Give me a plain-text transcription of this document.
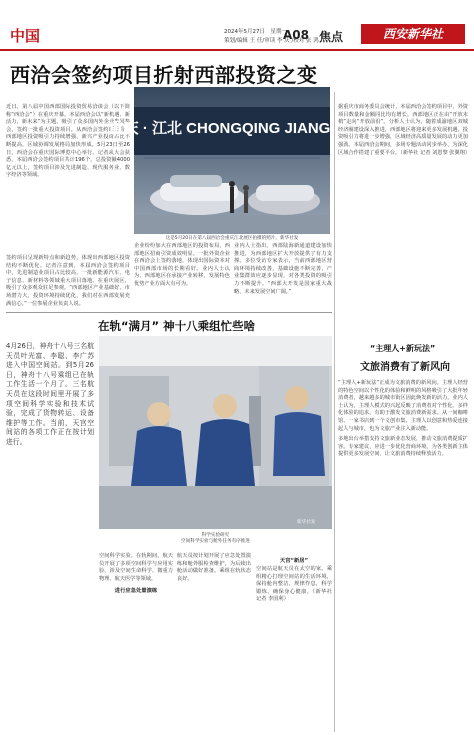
中国	2024年5月27日　星期一
策划/编辑 王 任/审读 李 庆 /校对 张 鸿
A08 焦点	西安新华社
西洽会签约项目折射西部投资之变
近日，第八届中国西部国际投资贸易洽谈会（以下简称“西洽会”）在重庆开幕。本届西洽会以“新机遇、新活力、新未来”为主题，吸引了众多国内外企业参展参会，签约一批重大投资项目。从西洽会签约项目看，西部地区投资吸引力持续增强，新兴产业投资占比不断提高，区域协调发展格局加快形成。5月23日至26日，西洽会在重庆国际博览中心举行。记者从大会获悉，本届西洽会签约项目共计196个，总投资额4000亿元以上，签约项目涉及先进制造、现代服务业、数字经济等领域。
签约项目呈现新特点和新趋势，体现出西部地区投资结构不断优化。记者注意到，本届西洽会签约项目中，先进制造业项目占比较高，一批新能源汽车、电子信息、新材料等领域重大项目落地。在重庆展区，吸引了众多观众驻足参观。“西部地区产业基础好、市场潜力大，投资环境持续优化，我们对在西部发展充满信心。”一位参展企业负责人说。
重庆 · 江北 CHONGQING JIANGBEI
这是5月20日在第八届西洽会重庆江北展区拍摄的照片。新华社发
企业纷纷加大在西部地区的投资布局，西部地区招商引资成效明显。一批外资企业在西洽会上签约落地，体现出国际资本对中国西部市场的长期看好。业内人士认为，西部地区在承接产业转移、发展特色优势产业方面大有可为。
业内人士指出，西部陆海新通道建设加快推进，为西部地区扩大开放提供了有力支撑。多位受访专家表示，当前西部地区营商环境持续改善，基础设施不断完善，产业集群效应逐步显现，对各类投资的吸引力不断提升。“西部大开发是国家重大战略，未来发展空间广阔。”
据重庆市商务委员会统计，本届西洽会签约项目中，外资项目数量和金额同比均有增长。西部地区正在由“开放末梢”走向“开放前沿”。分析人士认为，随着成渝地区双城经济圈建设深入推进，西部地区将迎来更多发展机遇，投资吸引力将进一步增强，区域经济高质量发展的动力更加强劲。本届西洽会期间，多场专题活动同步举办，为深化区域合作搭建了重要平台。（新华社 记者 刘恩黎 张翼翔）
在轨“满月” 神十八乘组忙些啥
4月26日，神舟十八号三名航天员叶光富、李聪、李广苏进入中国空间站。到5月26日，神舟十八号乘组已在轨工作生活一个月了。三名航天员在这段时间里开展了多项空间科学实验和技术试验，完成了货物转运、设备维护等工作。当前，天宫空间站的各项工作正在按计划进行。
新华社发
科学实验研究
空间科学实验与舱外任务有序推进
空间科学实验。在轨期间，航天员开展了多项空间科学与应用实验，涉及空间生命科学、微重力物理、航天医学等领域。
进行应急处置演练
航天员按计划开展了应急处置演练和舱外服检查维护，为后续出舱活动做好准备。乘组在轨状态良好。
天宫“新居”
空间站是航天员在太空的家。乘组精心打理空间站的生活环境，保持舱内整洁，规律作息，科学锻炼，确保身心健康。（新华社 记者 李国利）
“主理人+新玩法”
文旅消费有了新风向
“主理人+新玩法”正成为文旅消费的新风向。主理人经营的特色空间以个性化的体验和鲜明的风格吸引了大批年轻消费者，越来越多的城市街区因此焕发新的活力。业内人士认为，主理人模式的兴起反映了消费者对个性化、多样化体验的追求，有助于激发文旅消费新需求。从一间咖啡馆、一家书店到一个文创市集，主理人以创意和热爱连接起人与城市，也为文旅产业注入新动能。
多地出台举措支持文旅新业态发展，推动文旅消费提质扩容。专家建议，应进一步优化营商环境，为各类创新主体提供更多发展空间，让文旅消费持续释放活力。
